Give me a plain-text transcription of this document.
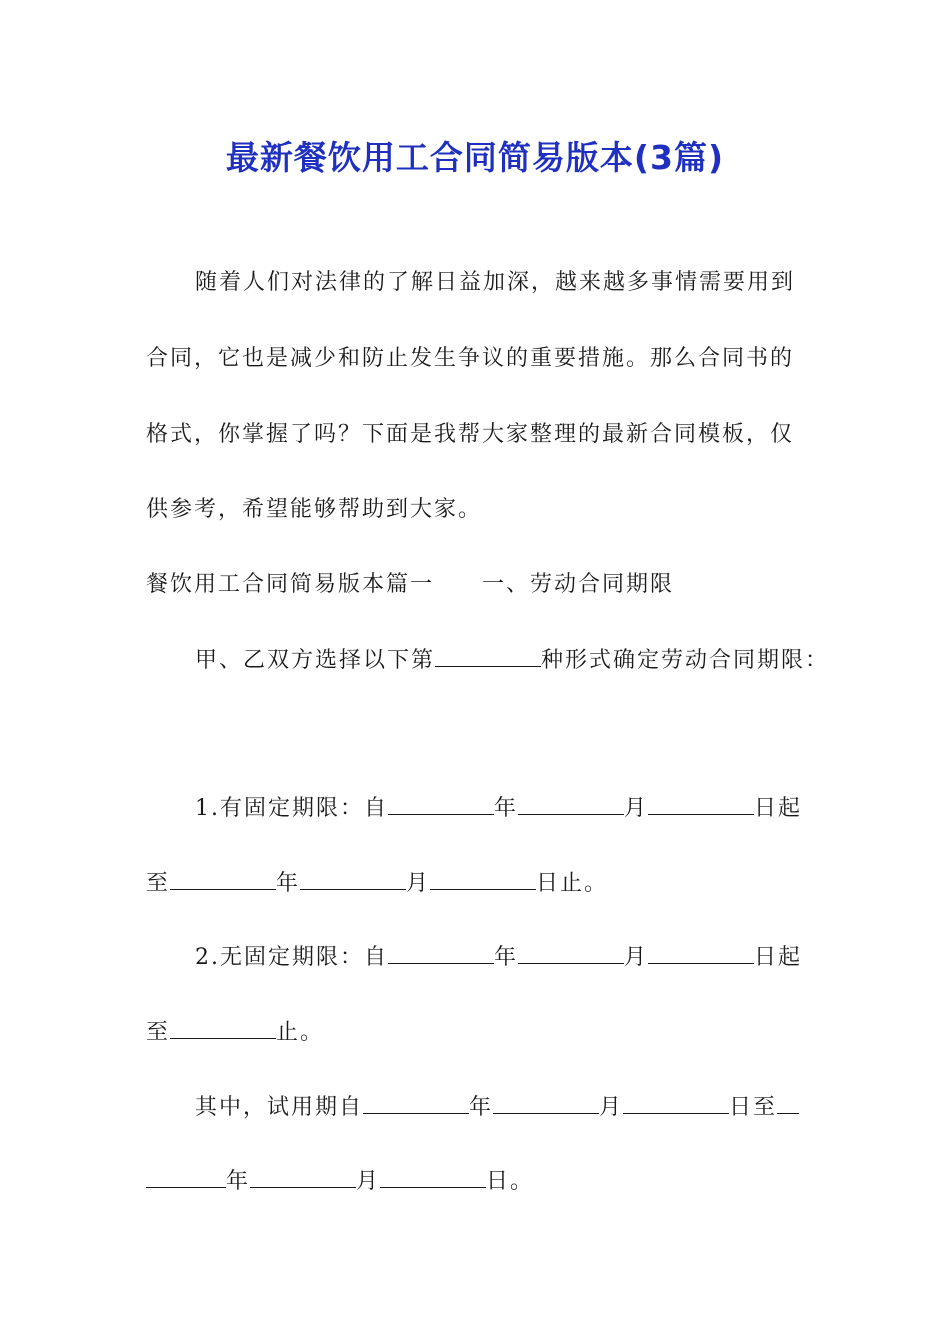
最新餐饮用工合同简易版本(3篇)
随着人们对法律的了解日益加深，越来越多事情需要用到
合同，它也是减少和防止发生争议的重要措施。那么合同书的
格式，你掌握了吗？下面是我帮大家整理的最新合同模板，仅
供参考，希望能够帮助到大家。
餐饮用工合同简易版本篇一 一、劳动合同期限
甲、乙双方选择以下第	种形式确定劳动合同期限：
1.有固定期限：自	年	月	日起
至	年	月	日止。
2.无固定期限：自	年	月	日起
至	止。
其中，试用期自	年	月	日至
年	月	日。
